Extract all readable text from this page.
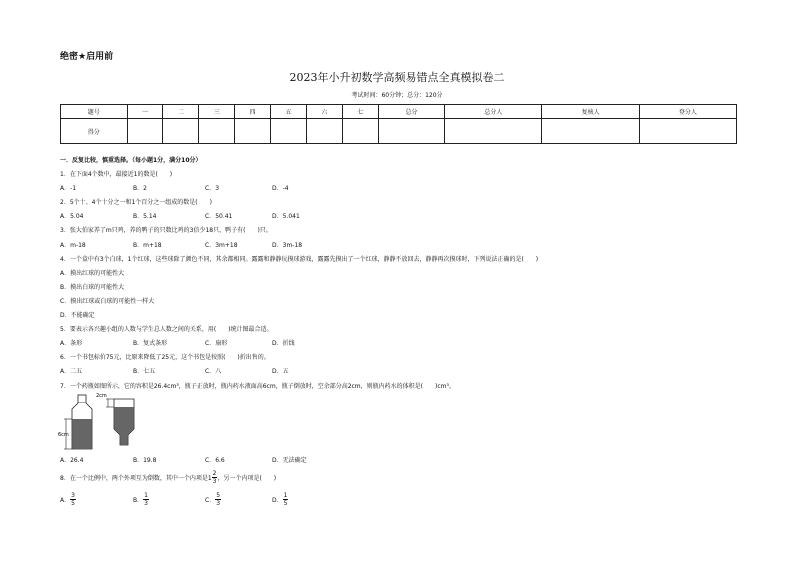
绝密★启用前
2023年小升初数学高频易错点全真模拟卷二
考试时间：60分钟；总分：120分
题号	一	二	三	四	五	六	七	总分	总分人	复核人	登分人
得分											
一．反复比较，慎重选择。（每小题1分，满分10分）
1．在下面4个数中，最接近1的数是(　　)
A．-1	B．2	C．3	D．-4
2．5个十、4个十分之一和1个百分之一组成的数是(　　)
A．5.04	B．5.14	C．50.41	D．5.041
3．张大伯家养了m只鸡，养的鸭子的只数比鸡的3倍少18只，鸭子有(　　)只。
A．m-18	B．m+18	C．3m+18	D．3m-18
4．一个盒中有3个白球，1个红球，这些球除了颜色不同，其余都相同。露露和静静玩摸球游戏，露露先摸出了一个红球，静静不放回去，静静再次摸球时，下列说法正确的是(　　)
A．摸出红球的可能性大
B．摸出白球的可能性大
C．摸出红球或白球的可能性一样大
D．不能确定
5．要表示各兴趣小组的人数与学生总人数之间的关系，用(　　)统计图最合适。
A．条形	B．复式条形	C．扇形	D．折线
6．一个书包标价75元，比原来降低了25元，这个书包是按照(　　)折出售的。
A．二五	B．七五	C．八	D．五
7．一个药瓶如图所示，它的容积是26.4cm³，瓶子正放时，瓶内药水液面高6cm，瓶子倒放时，空余部分高2cm，则瓶内药水的体积是(　　)cm³。
6cm
2cm
A．26.4	B．19.8	C．6.6	D．无法确定
8．在一个比例中，两个外项互为倒数，其中一个内项是$1 \frac{2}{3}$ ，另一个内项是(　　)
A． $\frac{3}{5}$	B． $\frac{1}{3}$	C． $\frac{5}{3}$	D． $\frac{1}{5}$
